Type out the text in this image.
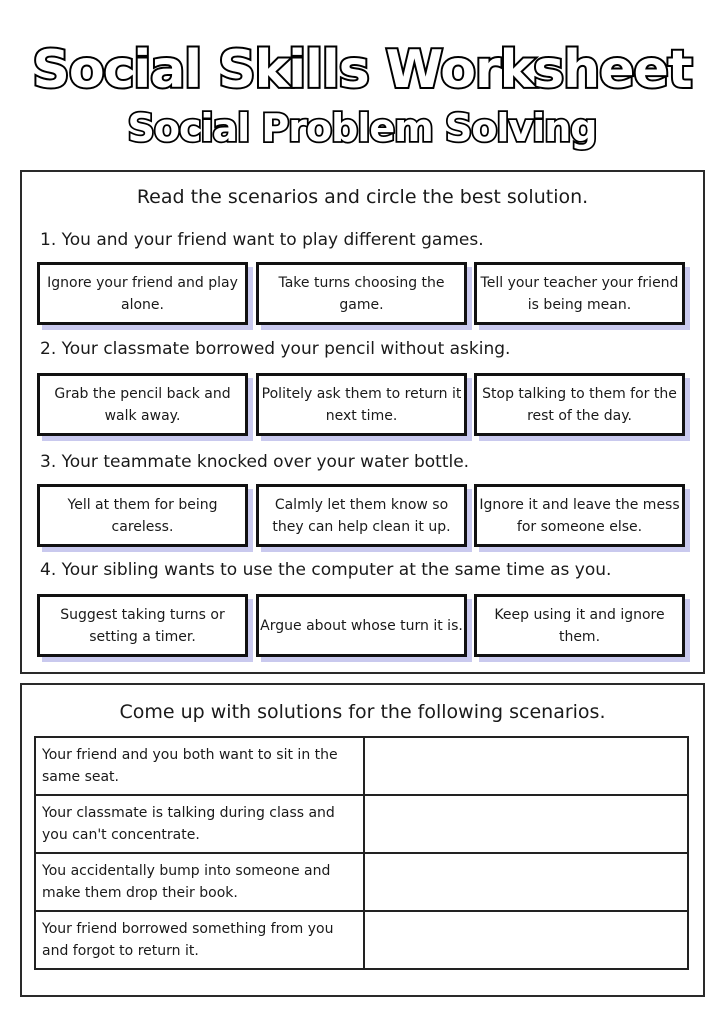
Social Skills Worksheet
Social Problem Solving
Read the scenarios and circle the best solution.
1. You and your friend want to play different games.
Ignore your friend and play alone.
Take turns choosing the game.
Tell your teacher your friend is being mean.
2. Your classmate borrowed your pencil without asking.
Grab the pencil back and walk away.
Politely ask them to return it next time.
Stop talking to them for the rest of the day.
3. Your teammate knocked over your water bottle.
Yell at them for being careless.
Calmly let them know so they can help clean it up.
Ignore it and leave the mess for someone else.
4. Your sibling wants to use the computer at the same time as you.
Suggest taking turns or setting a timer.
Argue about whose turn it is.
Keep using it and ignore them.
Come up with solutions for the following scenarios.
Your friend and you both want to sit in the same seat.	
Your classmate is talking during class and you can't concentrate.	
You accidentally bump into someone and make them drop their book.	
Your friend borrowed something from you and forgot to return it.	
